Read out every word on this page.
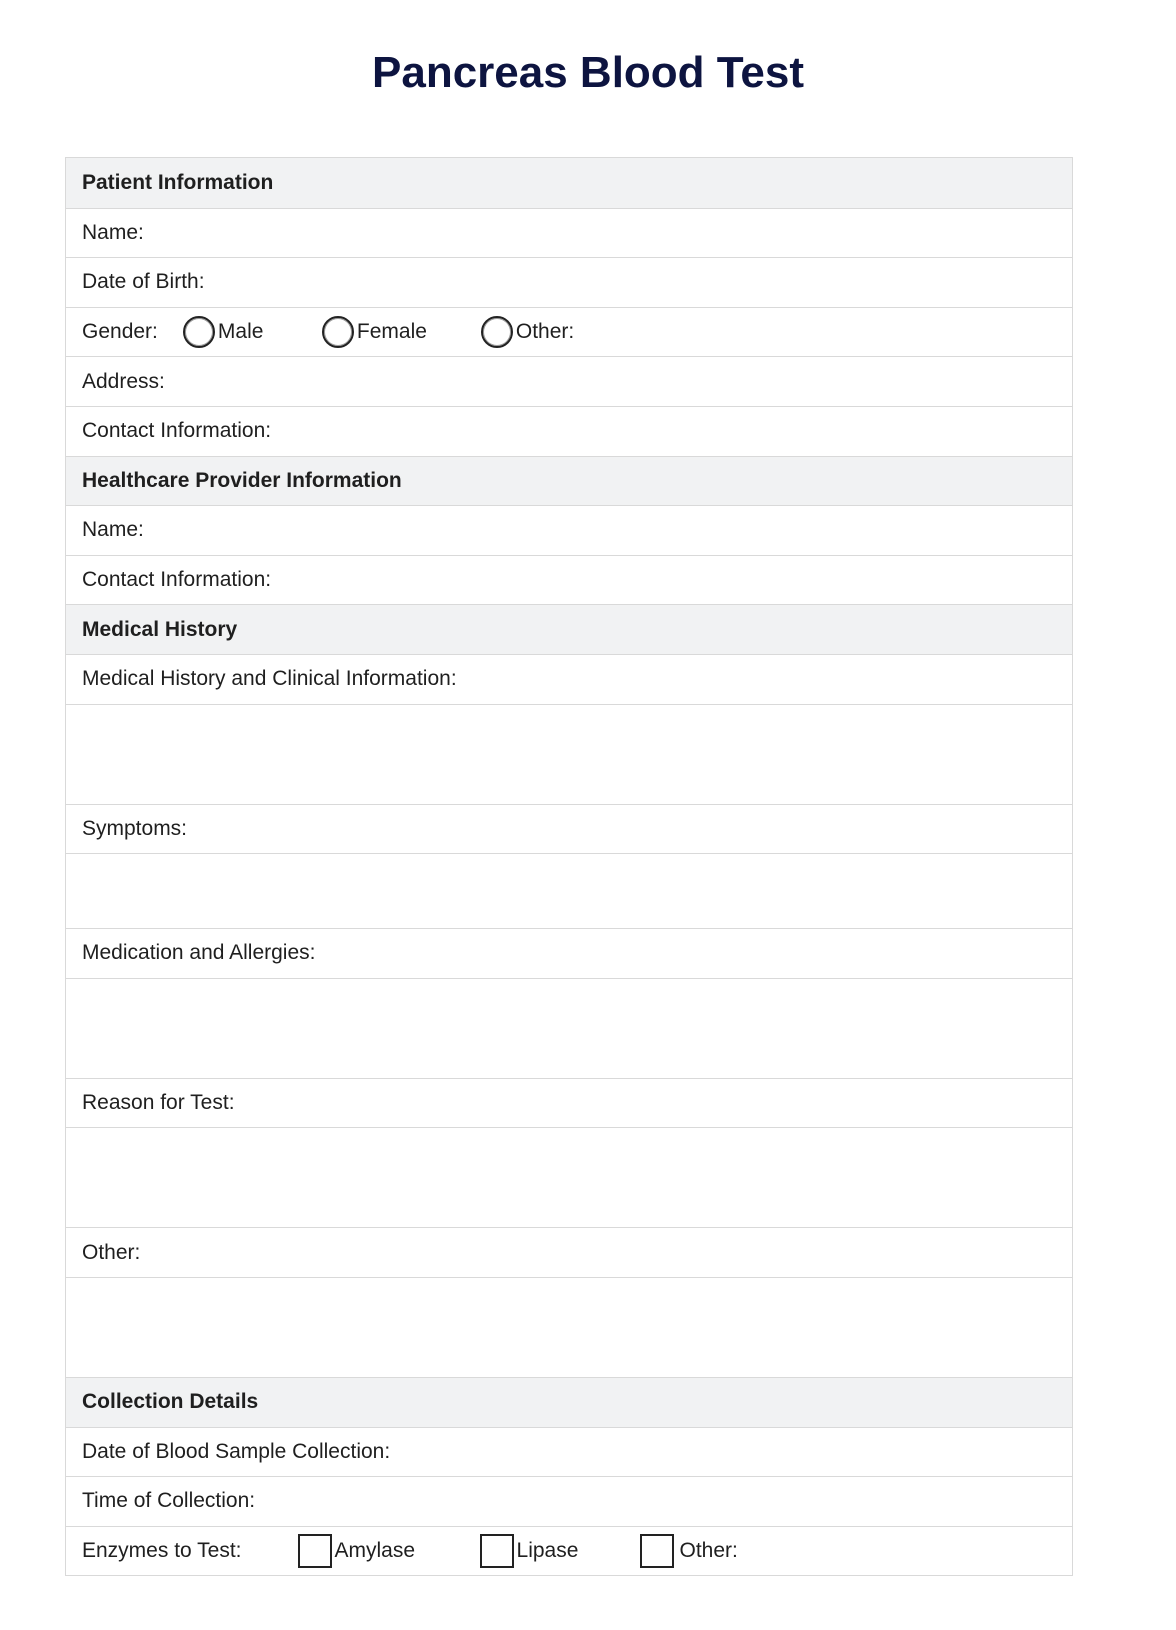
Pancreas Blood Test
Patient Information
Name:
Date of Birth:
Gender:	Male	Female	Other:
Address:
Contact Information:
Healthcare Provider Information
Name:
Contact Information:
Medical History
Medical History and Clinical Information:
Symptoms:
Medication and Allergies:
Reason for Test:
Other:
Collection Details
Date of Blood Sample Collection:
Time of Collection:
Enzymes to Test:	Amylase	Lipase	Other:
